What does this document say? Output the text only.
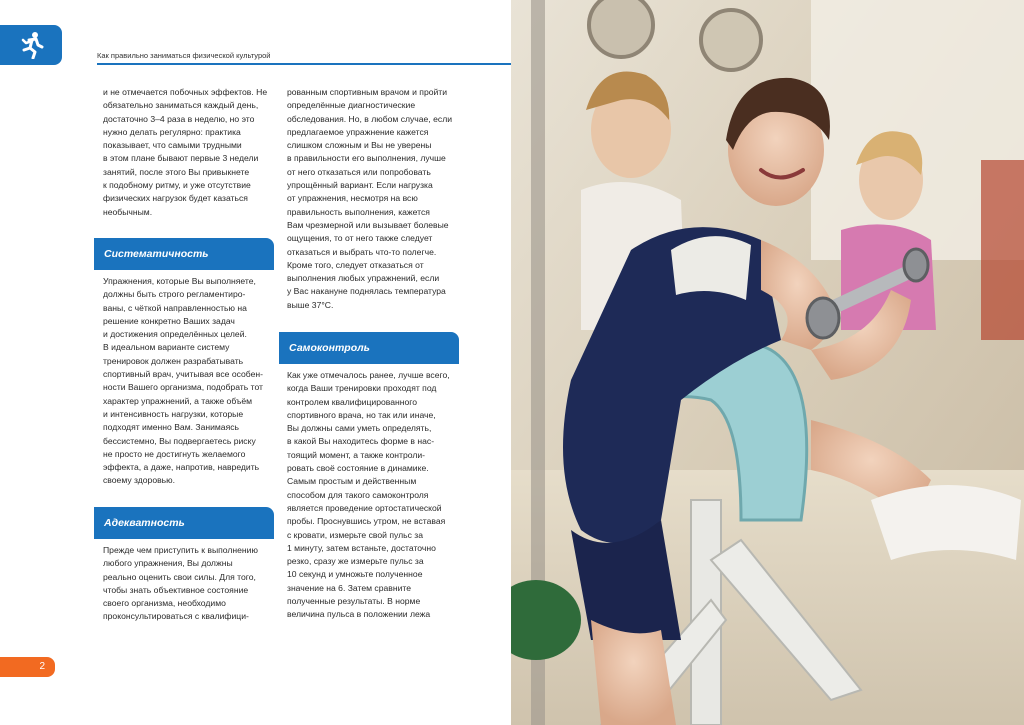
Как правильно заниматься физической культурой

и не отмечается побочных эффектов. Не
обязательно заниматься каждый день,
достаточно 3–4 раза в неделю, но это
нужно делать регулярно: практика
показывает, что самыми трудными
в этом плане бывают первые 3 недели
занятий, после этого Вы привыкнете
к подобному ритму, и уже отсутствие
физических нагрузок будет казаться
необычным.

Систематичность

Упражнения, которые Вы выполняете,
должны быть строго регламентиро-
ваны, с чёткой направленностью на
решение конкретно Ваших задач
и достижения определённых целей.
В идеальном варианте систему
тренировок должен разрабатывать
спортивный врач, учитывая все особен-
ности Вашего организма, подобрать тот
характер упражнений, а также объём
и интенсивность нагрузки, которые
подходят именно Вам. Занимаясь
бессистемно, Вы подвергаетесь риску
не просто не достигнуть желаемого
эффекта, а даже, напротив, навредить
своему здоровью.

Адекватность

Прежде чем приступить к выполнению
любого упражнения, Вы должны
реально оценить свои силы. Для того,
чтобы знать объективное состояние
своего организма, необходимо
проконсультироваться с квалифици-

рованным спортивным врачом и пройти
определённые диагностические
обследования. Но, в любом случае, если
предлагаемое упражнение кажется
слишком сложным и Вы не уверены
в правильности его выполнения, лучше
от него отказаться или попробовать
упрощённый вариант. Если нагрузка
от упражнения, несмотря на всю
правильность выполнения, кажется
Вам чрезмерной или вызывает болевые
ощущения, то от него также следует
отказаться и выбрать что-то полегче.
Кроме того, следует отказаться от
выполнения любых упражнений, если
у Вас накануне поднялась температура
выше 37°С.

Самоконтроль

Как уже отмечалось ранее, лучше всего,
когда Ваши тренировки проходят под
контролем квалифицированного
спортивного врача, но так или иначе,
Вы должны сами уметь определять,
в какой Вы находитесь форме в нас-
тоящий момент, а также контроли-
ровать своё состояние в динамике.
Самым простым и действенным
способом для такого самоконтроля
является проведение ортостатической
пробы. Проснувшись утром, не вставая
с кровати, измерьте свой пульс за
1 минуту, затем встаньте, достаточно
резко, сразу же измерьте пульс за
10 секунд и умножьте полученное
значение на 6. Затем сравните
полученные результаты. В норме
величина пульса в положении лежа

2
